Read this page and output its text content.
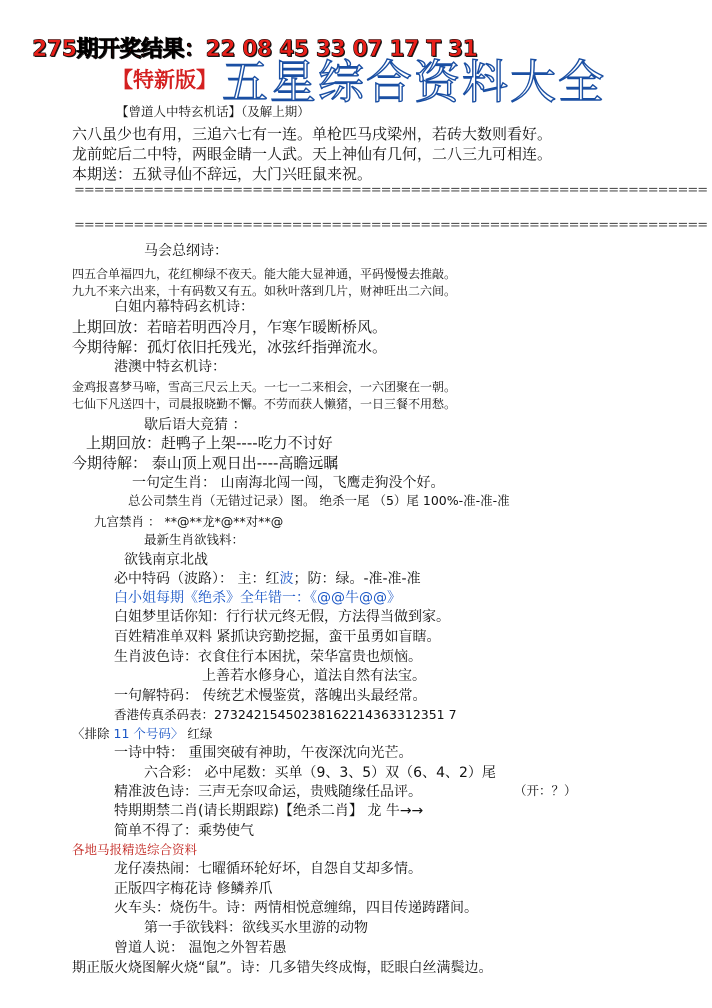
275期开奖结果：22 08 45 33 07 17 T 31
【特新版】 五星综合资料大全
【曾道人中特玄机话】（及解上期）
六八虽少也有用，三追六七有一连。单枪匹马戌梁州，若砖大数则看好。
龙前蛇后二中特，两眼金睛一人武。天上神仙有几何，二八三九可相连。
本期送：五狱寻仙不辞远，大门兴旺鼠来祝。
================================================================
================================================================
马会总纲诗：
四五合单福四九，花红柳绿不夜天。能大能大显神通，平码慢慢去推敲。
九九不来六出来，十有码数又有五。如秋叶落到几片，财神旺出二六间。
白姐内幕特码玄机诗：
上期回放：若暗若明西冷月，乍寒乍暖断桥风。
今期待解：孤灯依旧托残光，冰弦纤指弹流水。
港澳中特玄机诗：
金鸡报喜梦马啼，雪高三尺云上天。一七一二来相会，一六团聚在一朝。
七仙下凡送四十，司晨报晓勤不懈。不劳而获人懒猪，一日三餐不用愁。
歇后语大竞猜 ：
上期回放：赶鸭子上架----吃力不讨好
今期待解： 泰山顶上观日出----高瞻远瞩
一句定生肖： 山南海北闯一闯，飞鹰走狗没个好。
总公司禁生肖（无错过记录）图。 绝杀一尾 （5）尾 100%-准-准-准
九宫禁肖 ： **@**龙*@**对**@
最新生肖欲钱料：
欲钱南京北战
必中特码（波路）： 主：红波；防：绿。-准-准-准
白小姐每期《绝杀》全年错一：《@@牛@@》
白姐梦里话你知：行行状元终无假，方法得当做到家。
百姓精准单双料 紧抓诀窍勤挖掘，蛮干虽勇如盲瞎。
生肖波色诗：衣食住行本困扰，荣华富贵也烦恼。
上善若水修身心，道法自然有法宝。
一句解特码： 传统艺术慢鉴赏，落魄出头最经常。
香港传真杀码表：27324215450238162214363312351 7
〈排除 11 个号码〉 红绿
一诗中特： 重围突破有神助，午夜深沈向光芒。
六合彩： 必中尾数：买单（9、3、5）双（6、4、2）尾
精准波色诗：三声无奈叹命运，贵贱随缘任品评。	（开：？）
特期期禁二肖(请长期跟踪)【绝杀二肖】 龙 牛→→
简单不得了：乘势使气
各地马报精选综合资料
龙仔凑热闹：七曜循环轮好坏，自怨自艾却多情。
正版四字梅花诗 修鳞养爪
火车头：烧伤牛。诗：两情相悦意缠绵，四目传递踌躇间。
第一手欲钱料：欲线买水里游的动物
曾道人说： 温饱之外智若愚
期正版火烧图解火烧“鼠”。诗：几多错失终成悔，眨眼白丝满鬓边。
